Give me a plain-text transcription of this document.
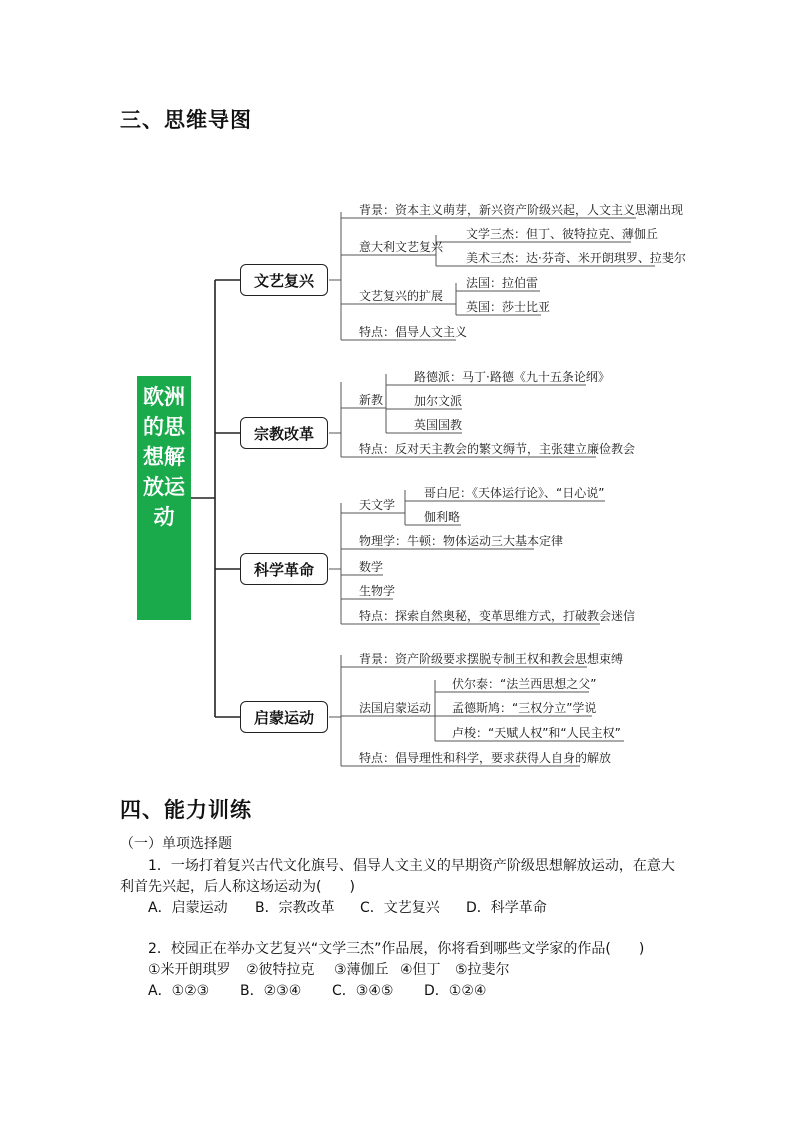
三、思维导图
欧洲的思想解放运动
文艺复兴
宗教改革
科学革命
启蒙运动
背景：资本主义萌芽，新兴资产阶级兴起，人文主义思潮出现
意大利文艺复兴
文学三杰：但丁、彼特拉克、薄伽丘
美术三杰：达·芬奇、米开朗琪罗、拉斐尔
文艺复兴的扩展
法国：拉伯雷
英国：莎士比亚
特点：倡导人文主义
新教
路德派：马丁·路德《九十五条论纲》
加尔文派
英国国教
特点：反对天主教会的繁文缛节，主张建立廉俭教会
天文学
哥白尼：《天体运行论》、“日心说”
伽利略
物理学：牛顿：物体运动三大基本定律
数学
生物学
特点：探索自然奥秘，变革思维方式，打破教会迷信
背景：资产阶级要求摆脱专制王权和教会思想束缚
法国启蒙运动
伏尔泰：“法兰西思想之父”
孟德斯鸠：“三权分立”学说
卢梭：“天赋人权”和“人民主权”
特点：倡导理性和科学，要求获得人自身的解放
四、能力训练
（一）单项选择题
1．一场打着复兴古代文化旗号、倡导人文主义的早期资产阶级思想解放运动，在意大
利首先兴起，后人称这场运动为(　　)
A．启蒙运动 B．宗教改革 C．文艺复兴 D．科学革命
2．校园正在举办文艺复兴“文学三杰”作品展，你将看到哪些文学家的作品(　　)
①米开朗琪罗 ②彼特拉克 ③薄伽丘 ④但丁 ⑤拉斐尔
A．①②③ B．②③④ C．③④⑤ D．①②④
